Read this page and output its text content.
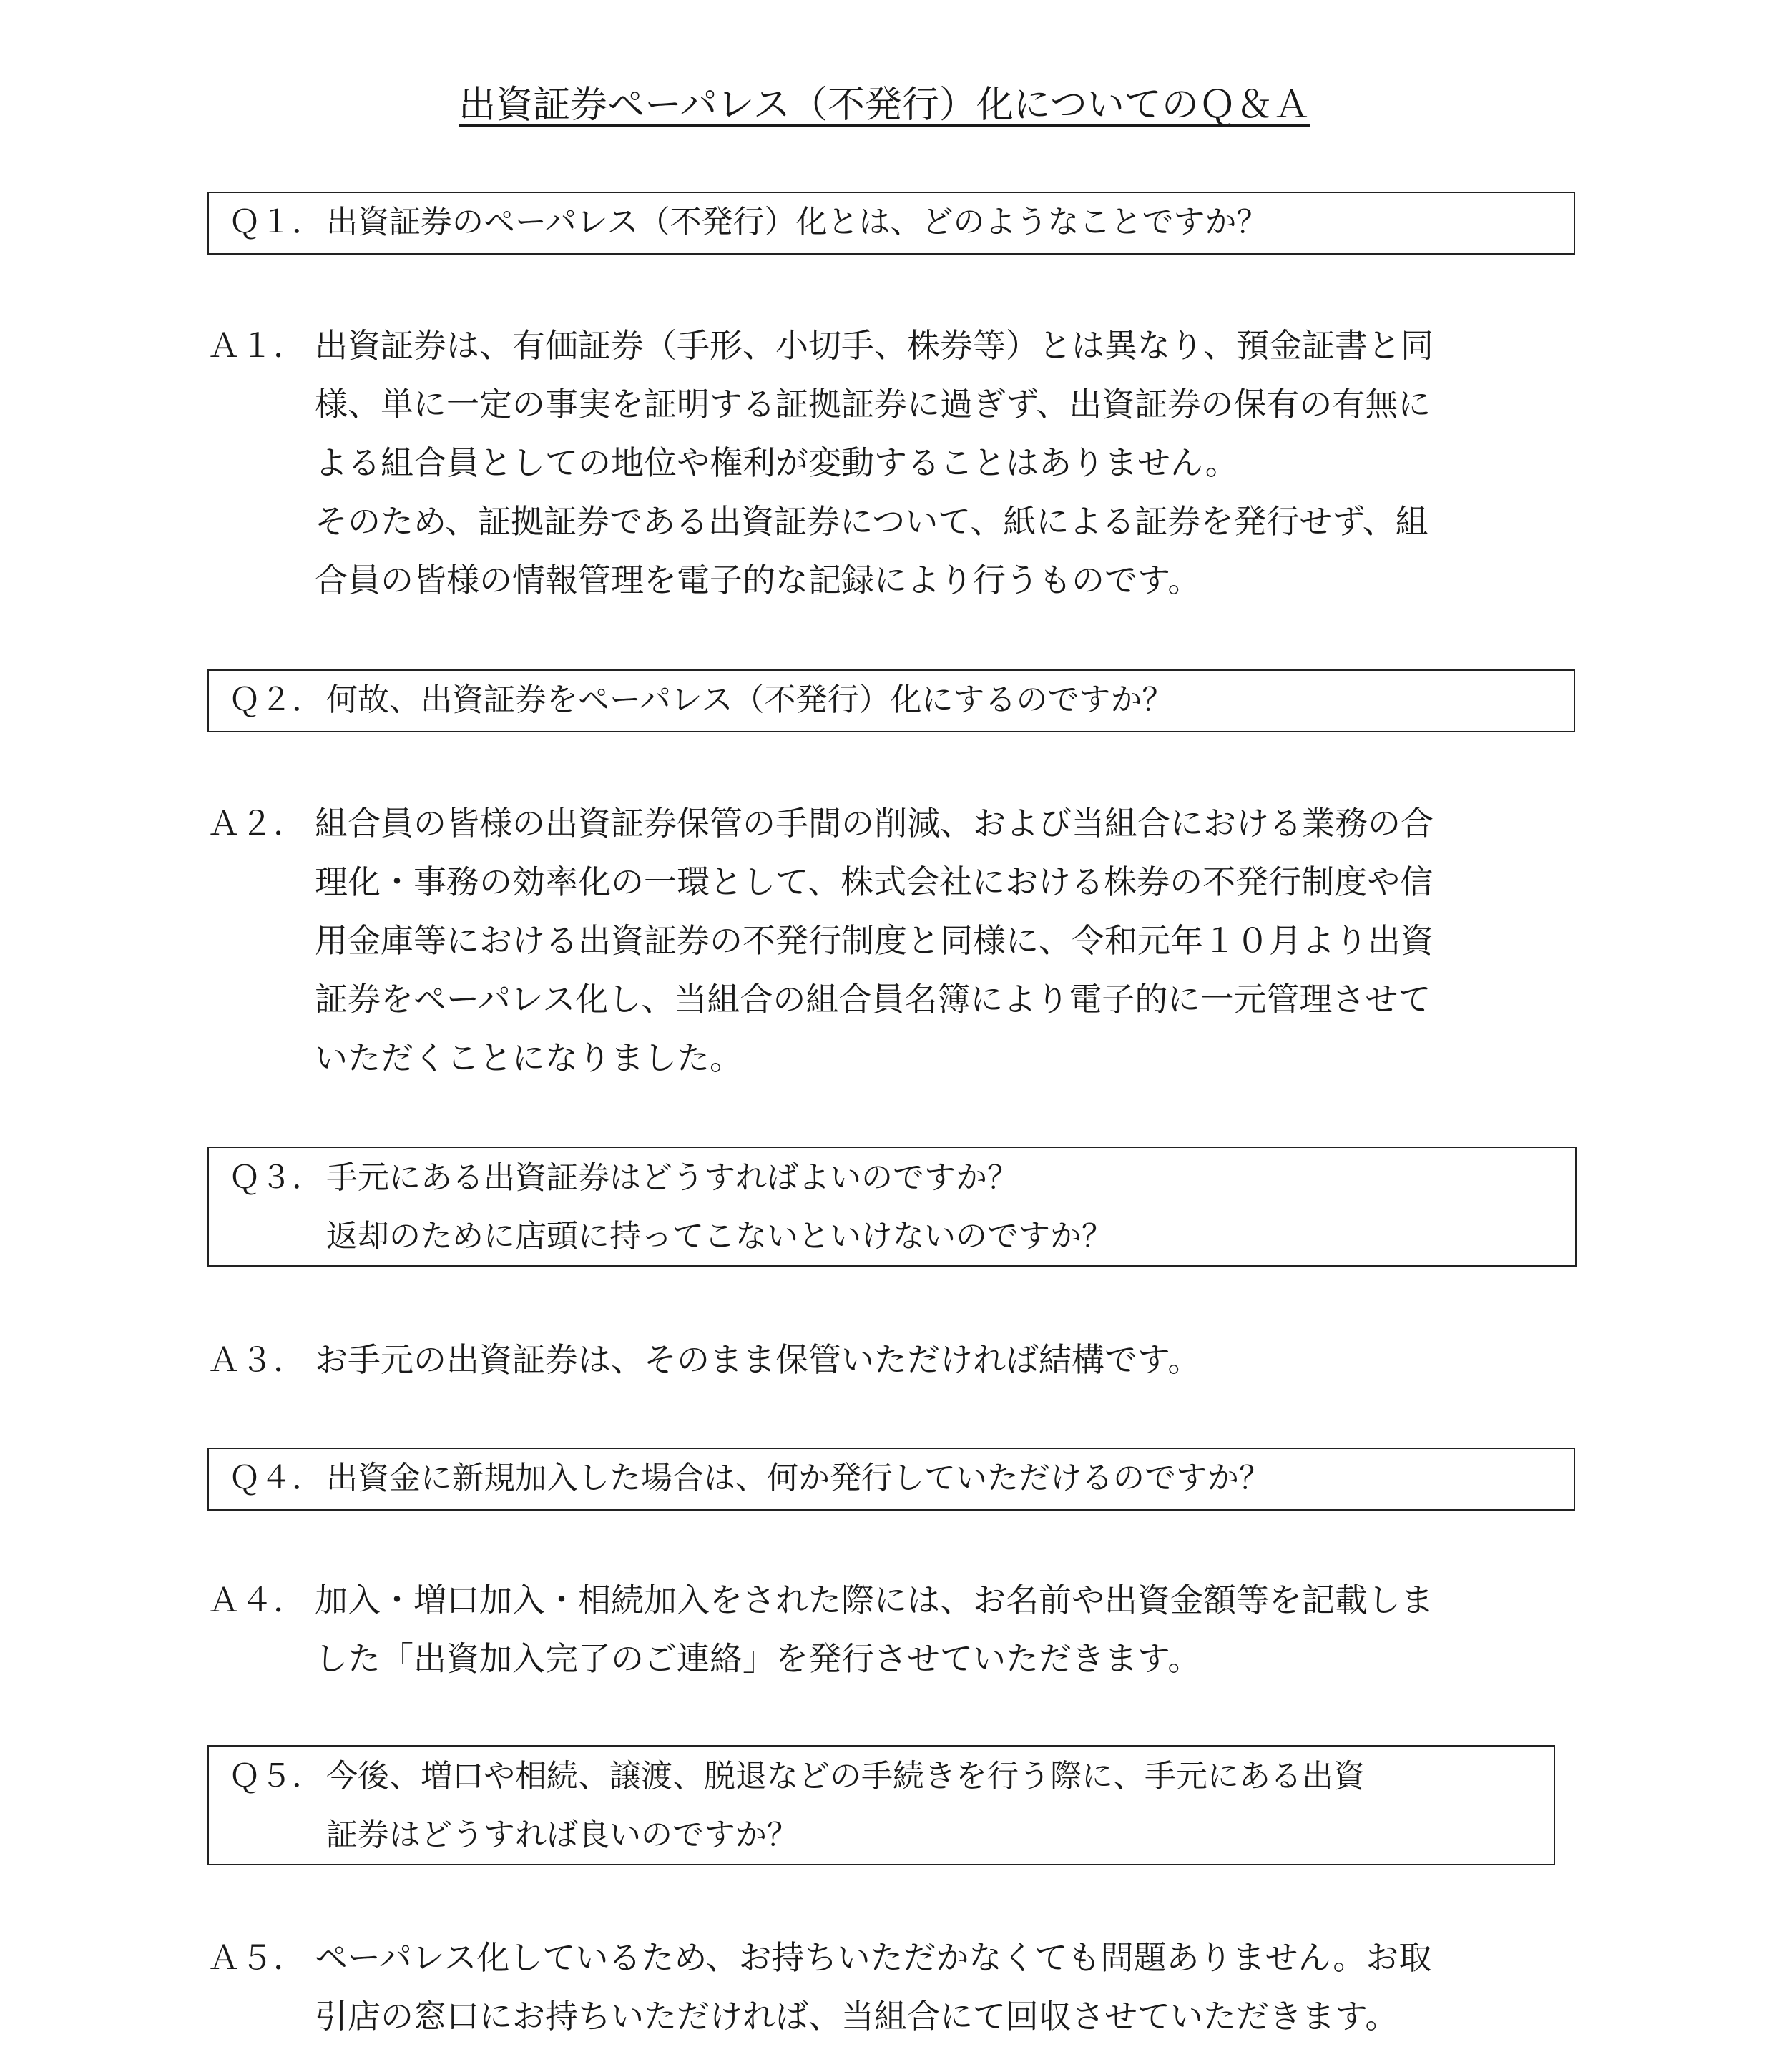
出資証券ペーパレス（不発行）化についてのＱ＆Ａ
Ｑ１． 出資証券のペーパレス（不発行）化とは、どのようなことですか？
Ａ１． 出資証券は、有価証券（手形、小切手、株券等）とは異なり、預金証書と同
様、単に一定の事実を証明する証拠証券に過ぎず、出資証券の保有の有無に
よる組合員としての地位や権利が変動することはありません。
そのため、証拠証券である出資証券について、紙による証券を発行せず、組
合員の皆様の情報管理を電子的な記録により行うものです。
Ｑ２． 何故、出資証券をペーパレス（不発行）化にするのですか？
Ａ２． 組合員の皆様の出資証券保管の手間の削減、および当組合における業務の合
理化・事務の効率化の一環として、株式会社における株券の不発行制度や信
用金庫等における出資証券の不発行制度と同様に、令和元年１０月より出資
証券をペーパレス化し、当組合の組合員名簿により電子的に一元管理させて
いただくことになりました。
Ｑ３． 手元にある出資証券はどうすればよいのですか？
返却のために店頭に持ってこないといけないのですか？
Ａ３． お手元の出資証券は、そのまま保管いただければ結構です。
Ｑ４． 出資金に新規加入した場合は、何か発行していただけるのですか？
Ａ４． 加入・増口加入・相続加入をされた際には、お名前や出資金額等を記載しま
した「出資加入完了のご連絡」を発行させていただきます。
Ｑ５． 今後、増口や相続、譲渡、脱退などの手続きを行う際に、手元にある出資
証券はどうすれば良いのですか？
Ａ５． ペーパレス化しているため、お持ちいただかなくても問題ありません。お取
引店の窓口にお持ちいただければ、当組合にて回収させていただきます。
